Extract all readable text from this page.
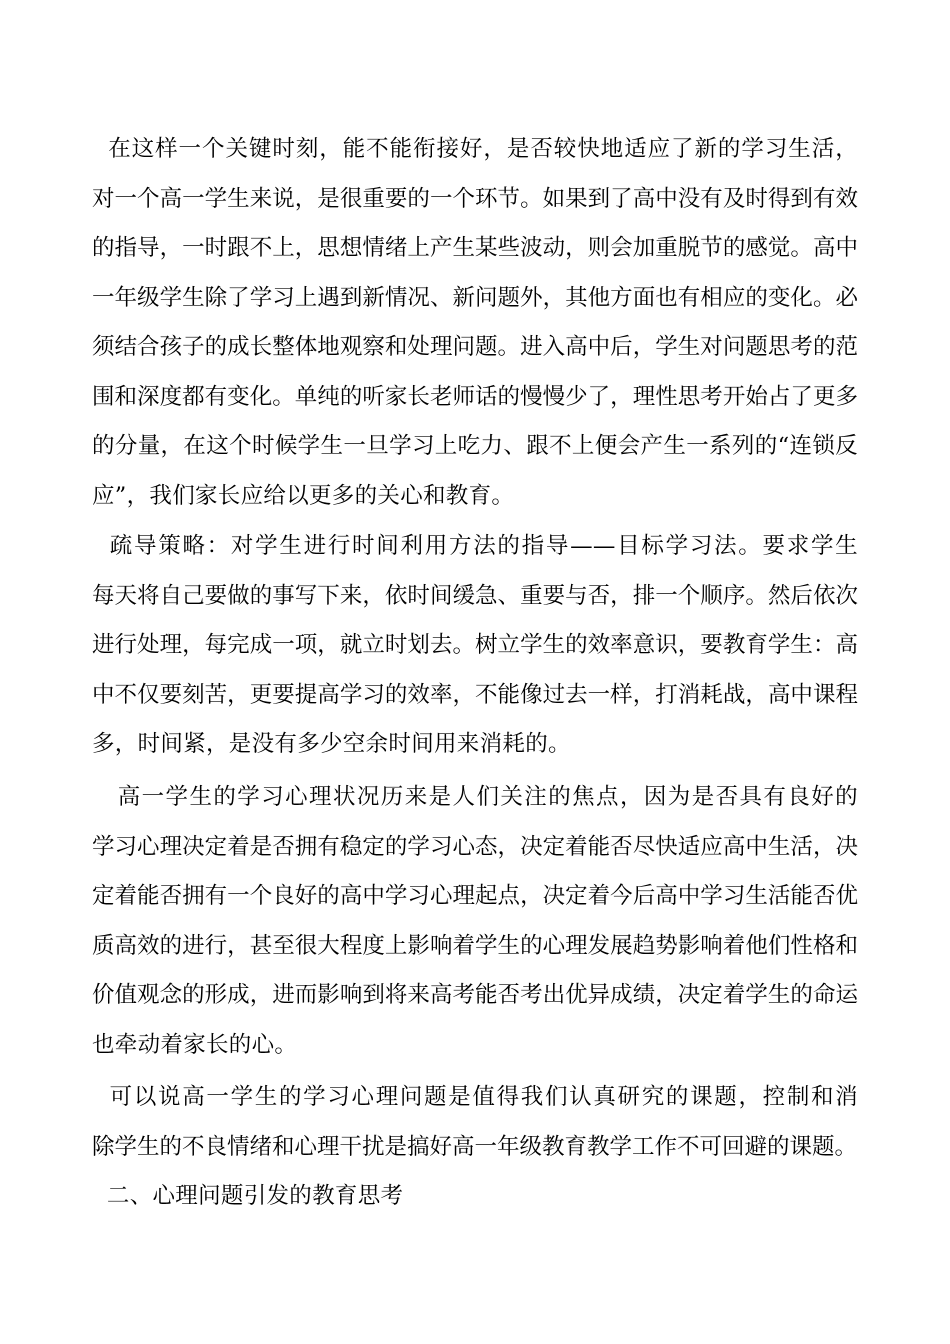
在这样一个关键时刻，能不能衔接好，是否较快地适应了新的学习生活，
对一个高一学生来说，是很重要的一个环节。如果到了高中没有及时得到有效
的指导，一时跟不上，思想情绪上产生某些波动，则会加重脱节的感觉。高中
一年级学生除了学习上遇到新情况、新问题外，其他方面也有相应的变化。必
须结合孩子的成长整体地观察和处理问题。进入高中后，学生对问题思考的范
围和深度都有变化。单纯的听家长老师话的慢慢少了，理性思考开始占了更多
的分量，在这个时候学生一旦学习上吃力、跟不上便会产生一系列的“连锁反
应”，我们家长应给以更多的关心和教育。

疏导策略：对学生进行时间利用方法的指导——目标学习法。要求学生
每天将自己要做的事写下来，依时间缓急、重要与否，排一个顺序。然后依次
进行处理，每完成一项，就立时划去。树立学生的效率意识，要教育学生：高
中不仅要刻苦，更要提高学习的效率，不能像过去一样，打消耗战，高中课程
多，时间紧，是没有多少空余时间用来消耗的。

高一学生的学习心理状况历来是人们关注的焦点，因为是否具有良好的
学习心理决定着是否拥有稳定的学习心态，决定着能否尽快适应高中生活，决
定着能否拥有一个良好的高中学习心理起点，决定着今后高中学习生活能否优
质高效的进行，甚至很大程度上影响着学生的心理发展趋势影响着他们性格和
价值观念的形成，进而影响到将来高考能否考出优异成绩，决定着学生的命运
也牵动着家长的心。

可以说高一学生的学习心理问题是值得我们认真研究的课题，控制和消
除学生的不良情绪和心理干扰是搞好高一年级教育教学工作不可回避的课题。

二、心理问题引发的教育思考
